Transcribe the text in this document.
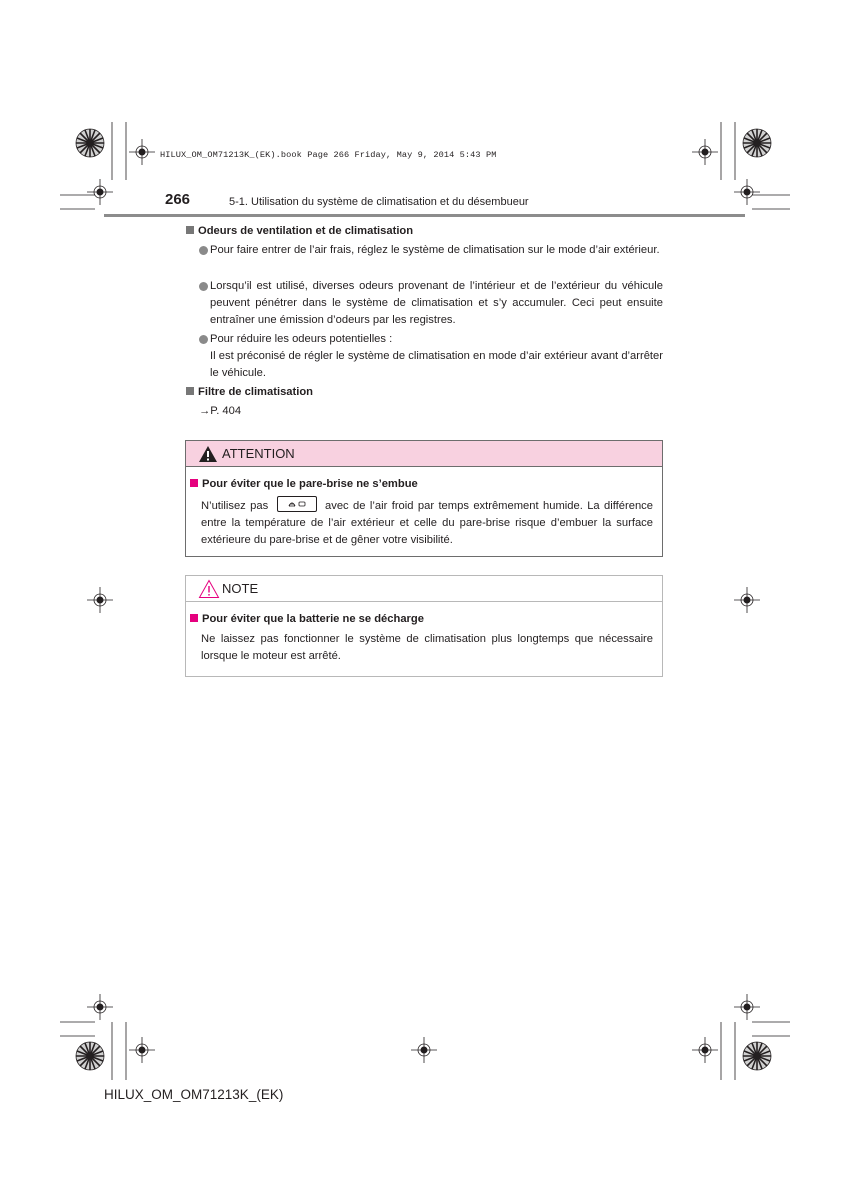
HILUX_OM_OM71213K_(EK).book Page 266 Friday, May 9, 2014 5:43 PM
266	5-1. Utilisation du système de climatisation et du désembueur
Odeurs de ventilation et de climatisation
Pour faire entrer de l’air frais, réglez le système de climatisation sur le mode d’air extérieur.
Lorsqu’il est utilisé, diverses odeurs provenant de l’intérieur et de l’extérieur du véhicule peuvent pénétrer dans le système de climatisation et s’y accumuler. Ceci peut ensuite entraîner une émission d’odeurs par les registres.
Pour réduire les odeurs potentielles :
Il est préconisé de régler le système de climatisation en mode d’air extérieur avant d’arrêter le véhicule.
Filtre de climatisation
→P. 404
ATTENTION
Pour éviter que le pare-brise ne s’embue
N’utilisez pas	avec de l’air froid par temps extrêmement humide. La différence entre la température de l’air extérieur et celle du pare-brise risque d’embuer la surface extérieure du pare-brise et de gêner votre visibilité.
NOTE
Pour éviter que la batterie ne se décharge
Ne laissez pas fonctionner le système de climatisation plus longtemps que nécessaire lorsque le moteur est arrêté.
HILUX_OM_OM71213K_(EK)
